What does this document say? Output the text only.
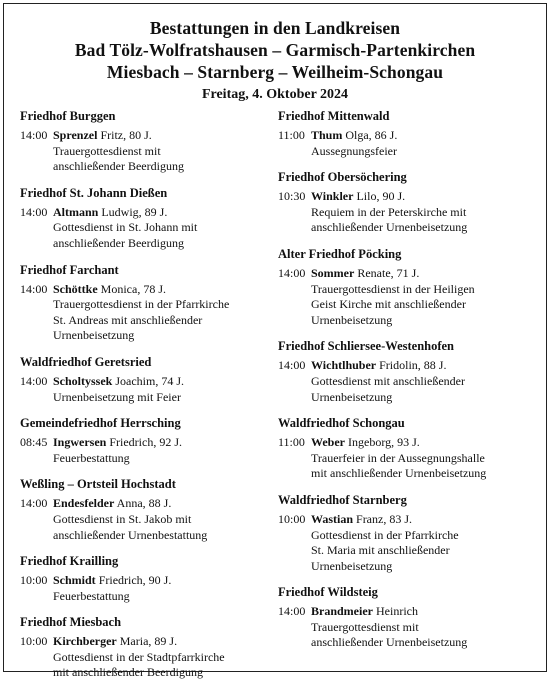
Bestattungen in den Landkreisen
Bad Tölz-Wolfratshausen – Garmisch-Partenkirchen
Miesbach – Starnberg – Weilheim-Schongau
Freitag, 4. Oktober 2024
Friedhof Burggen
14:00 Sprenzel Fritz, 80 J.
Trauergottesdienst mit
anschließender Beerdigung
Friedhof St. Johann Dießen
14:00 Altmann Ludwig, 89 J.
Gottesdienst in St. Johann mit
anschließender Beerdigung
Friedhof Farchant
14:00 Schöttke Monica, 78 J.
Trauergottesdienst in der Pfarrkirche
St. Andreas mit anschließender
Urnenbeisetzung
Waldfriedhof Geretsried
14:00 Scholtyssek Joachim, 74 J.
Urnenbeisetzung mit Feier
Gemeindefriedhof Herrsching
08:45 Ingwersen Friedrich, 92 J.
Feuerbestattung
Weßling – Ortsteil Hochstadt
14:00 Endesfelder Anna, 88 J.
Gottesdienst in St. Jakob mit
anschließender Urnenbestattung
Friedhof Krailling
10:00 Schmidt Friedrich, 90 J.
Feuerbestattung
Friedhof Miesbach
10:00 Kirchberger Maria, 89 J.
Gottesdienst in der Stadtpfarrkirche
mit anschließender Beerdigung
Friedhof Mittenwald
11:00 Thum Olga, 86 J.
Aussegnungsfeier
Friedhof Obersöchering
10:30 Winkler Lilo, 90 J.
Requiem in der Peterskirche mit
anschließender Urnenbeisetzung
Alter Friedhof Pöcking
14:00 Sommer Renate, 71 J.
Trauergottesdienst in der Heiligen
Geist Kirche mit anschließender
Urnenbeisetzung
Friedhof Schliersee-Westenhofen
14:00 Wichtlhuber Fridolin, 88 J.
Gottesdienst mit anschließender
Urnenbeisetzung
Waldfriedhof Schongau
11:00 Weber Ingeborg, 93 J.
Trauerfeier in der Aussegnungshalle
mit anschließender Urnenbeisetzung
Waldfriedhof Starnberg
10:00 Wastian Franz, 83 J.
Gottesdienst in der Pfarrkirche
St. Maria mit anschließender
Urnenbeisetzung
Friedhof Wildsteig
14:00 Brandmeier Heinrich
Trauergottesdienst mit
anschließender Urnenbeisetzung
